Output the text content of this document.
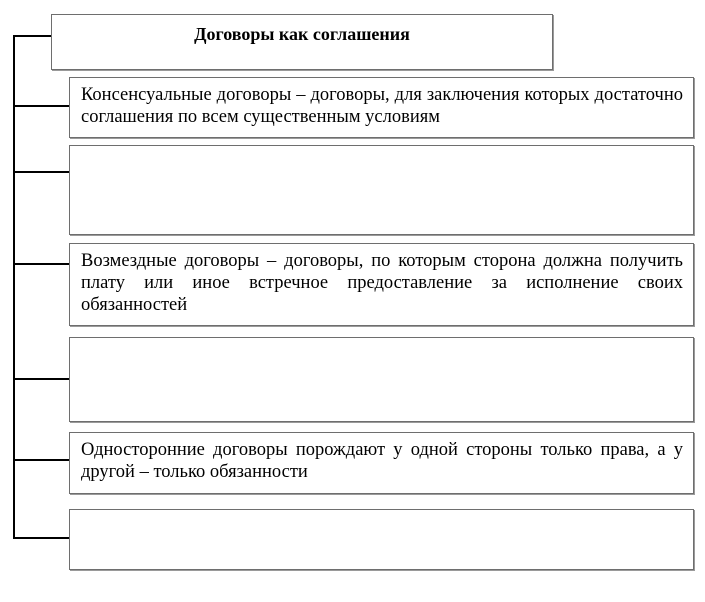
Договоры как соглашения
Консенсуальные договоры – договоры, для заключения которых достаточно соглашения по всем существенным условиям
Возмездные договоры – договоры, по которым сторона должна получить плату или иное встречное предоставление за исполнение своих обязанностей
Односторонние договоры порождают у одной стороны только права, а у другой – только обязанности
